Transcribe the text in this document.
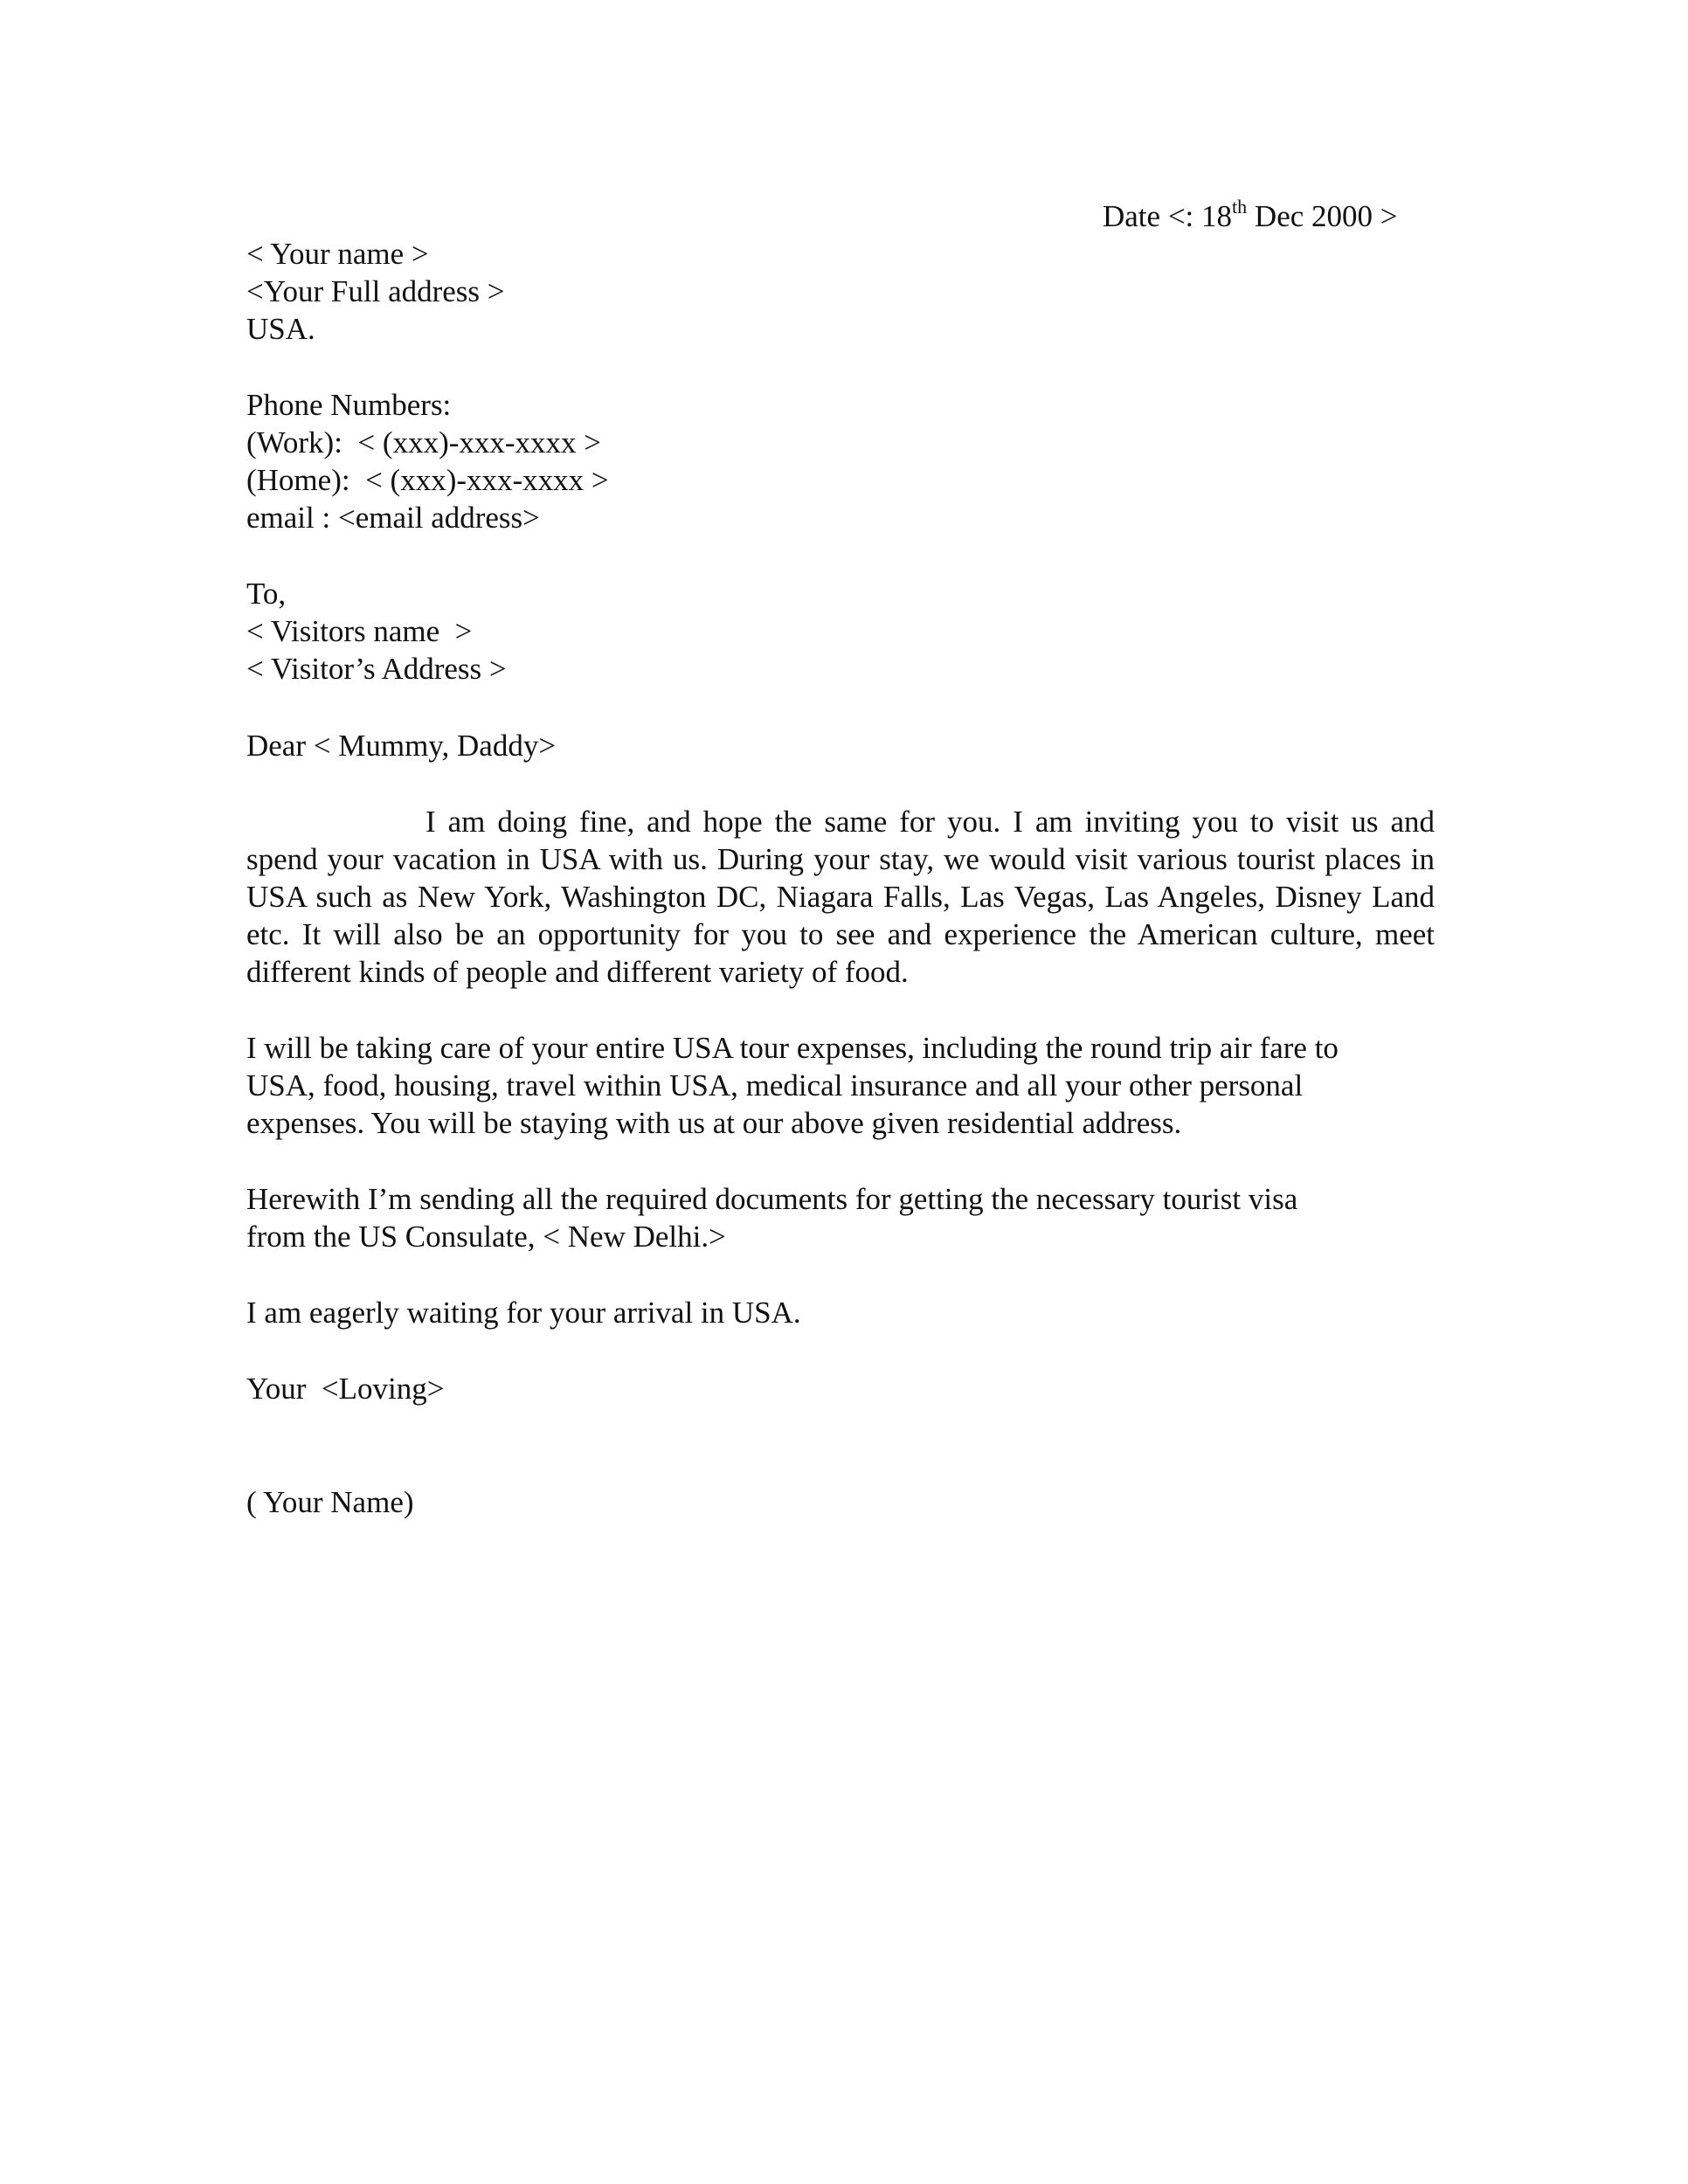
Date <: 18th Dec 2000 >
< Your name >
<Your Full address >
USA.
Phone Numbers:
(Work):  < (xxx)-xxx-xxxx >
(Home):  < (xxx)-xxx-xxxx >
email : <email address>
To,
< Visitors name  >
< Visitor’s Address >
Dear < Mummy, Daddy>
I am doing fine, and hope the same for you. I am inviting you to visit us and spend your vacation in USA with us. During your stay, we would visit various tourist places in USA such as New York, Washington DC, Niagara Falls, Las Vegas, Las Angeles, Disney Land etc. It will also be an opportunity for you to see and experience the American culture, meet different kinds of people and different variety of food.
I will be taking care of your entire USA tour expenses, including the round trip air fare to
USA, food, housing, travel within USA, medical insurance and all your other personal
expenses. You will be staying with us at our above given residential address.
Herewith I’m sending all the required documents for getting the necessary tourist visa
from the US Consulate, < New Delhi.>
I am eagerly waiting for your arrival in USA.
Your  <Loving>
( Your Name)
